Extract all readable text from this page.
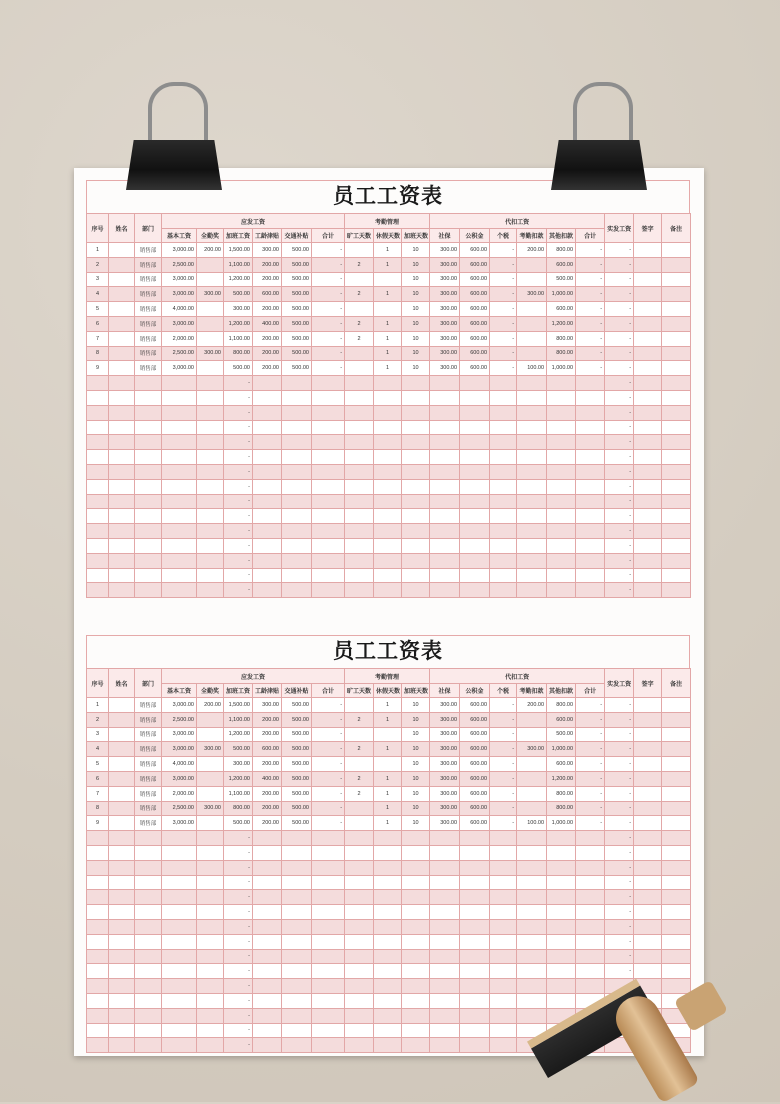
员工工资表
序号	姓名	部门	应发工资						考勤管理			代扣工资						实发工资	签字	备注
			基本工资	全勤奖	加班工资	工龄津贴	交通补贴	合计	旷工天数	休假天数	加班天数	社保	公积金	个税	考勤扣款	其他扣款	合计			
1		销售部	3,000.00	200.00	1,500.00	300.00	500.00	-		1	10	300.00	600.00	-	200.00	800.00	-	-		
2		销售部	2,500.00		1,100.00	200.00	500.00	-	2	1	10	300.00	600.00	-		600.00	-	-		
3		销售部	3,000.00		1,200.00	200.00	500.00	-			10	300.00	600.00	-		500.00	-	-		
4		销售部	3,000.00	300.00	500.00	600.00	500.00	-	2	1	10	300.00	600.00	-	300.00	1,000.00	-	-		
5		销售部	4,000.00		300.00	200.00	500.00	-			10	300.00	600.00	-		600.00	-	-		
6		销售部	3,000.00		1,200.00	400.00	500.00	-	2	1	10	300.00	600.00	-		1,200.00	-	-		
7		销售部	2,000.00		1,100.00	200.00	500.00	-	2	1	10	300.00	600.00	-		800.00	-	-		
8		销售部	2,500.00	300.00	800.00	200.00	500.00	-		1	10	300.00	600.00	-		800.00	-	-		
9		销售部	3,000.00		500.00	200.00	500.00	-		1	10	300.00	600.00	-	100.00	1,000.00	-	-		
					-													-		
					-													-		
					-													-		
					-													-		
					-													-		
					-													-		
					-													-		
					-													-		
					-													-		
					-													-		
					-													-		
					-													-		
					-													-		
					-													-		
					-													-		
员工工资表
序号	姓名	部门	应发工资						考勤管理			代扣工资						实发工资	签字	备注
			基本工资	全勤奖	加班工资	工龄津贴	交通补贴	合计	旷工天数	休假天数	加班天数	社保	公积金	个税	考勤扣款	其他扣款	合计			
1		销售部	3,000.00	200.00	1,500.00	300.00	500.00	-		1	10	300.00	600.00	-	200.00	800.00	-	-		
2		销售部	2,500.00		1,100.00	200.00	500.00	-	2	1	10	300.00	600.00	-		600.00	-	-		
3		销售部	3,000.00		1,200.00	200.00	500.00	-			10	300.00	600.00	-		500.00	-	-		
4		销售部	3,000.00	300.00	500.00	600.00	500.00	-	2	1	10	300.00	600.00	-	300.00	1,000.00	-	-		
5		销售部	4,000.00		300.00	200.00	500.00	-			10	300.00	600.00	-		600.00	-	-		
6		销售部	3,000.00		1,200.00	400.00	500.00	-	2	1	10	300.00	600.00	-		1,200.00	-	-		
7		销售部	2,000.00		1,100.00	200.00	500.00	-	2	1	10	300.00	600.00	-		800.00	-	-		
8		销售部	2,500.00	300.00	800.00	200.00	500.00	-		1	10	300.00	600.00	-		800.00	-	-		
9		销售部	3,000.00		500.00	200.00	500.00	-		1	10	300.00	600.00	-	100.00	1,000.00	-	-		
					-													-		
					-													-		
					-													-		
					-													-		
					-													-		
					-													-		
					-													-		
					-													-		
					-													-		
					-													-		
					-															
					-															
					-															
					-															
					-															
